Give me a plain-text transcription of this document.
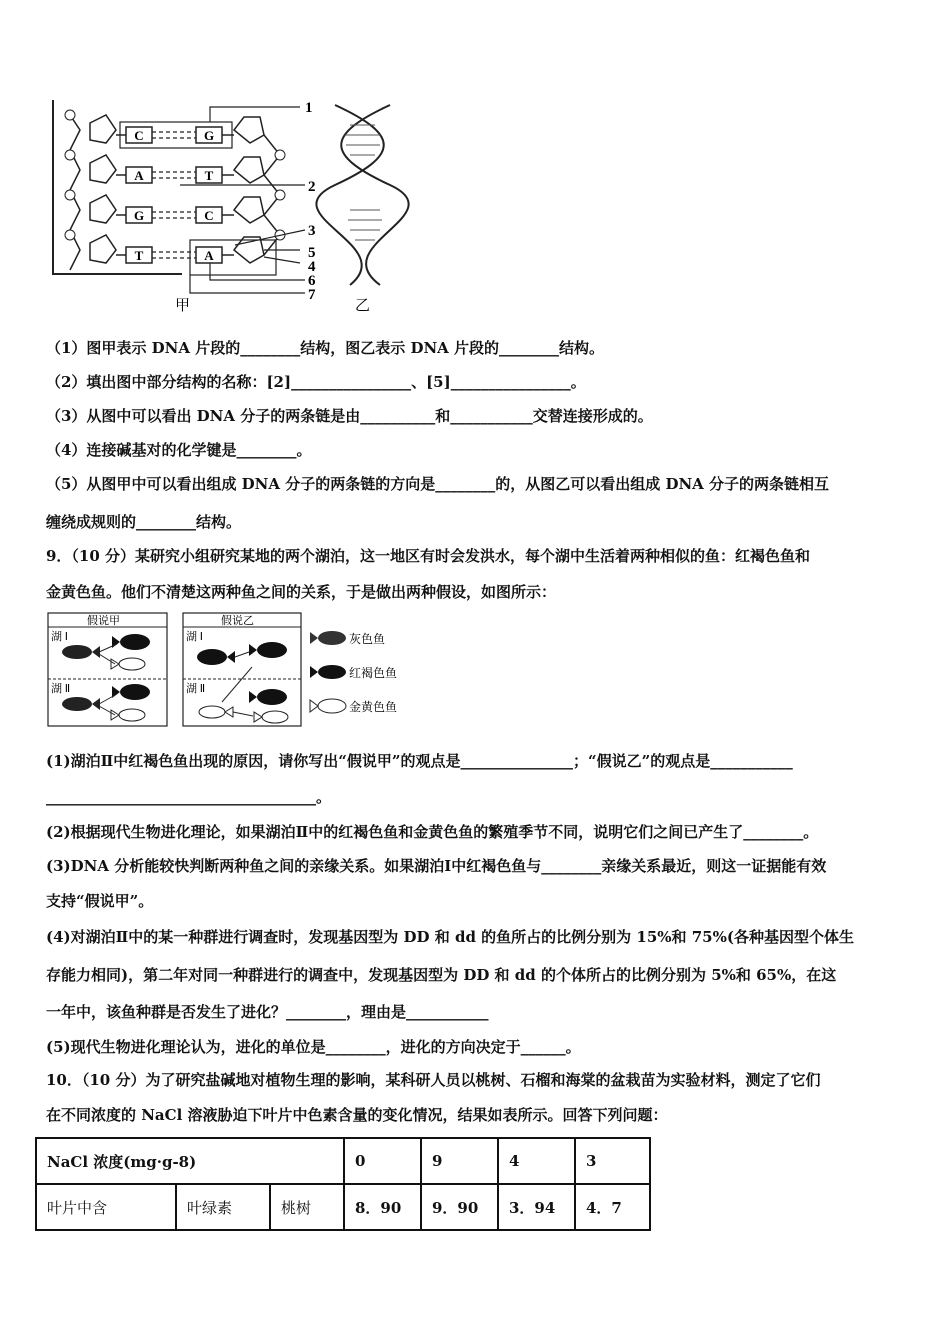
C
A
G
T
G
T
C
A
1
2
3
5
4
6
7
甲	乙
（1）图甲表示 DNA 片段的________结构，图乙表示 DNA 片段的________结构。
（2）填出图中部分结构的名称：[2]________________、[5]________________。
（3）从图中可以看出 DNA 分子的两条链是由__________和___________交替连接形成的。
（4）连接碱基对的化学键是________。
（5）从图甲中可以看出组成 DNA 分子的两条链的方向是________的，从图乙可以看出组成 DNA 分子的两条链相互
缠绕成规则的________结构。
9．（10 分）某研究小组研究某地的两个湖泊，这一地区有时会发洪水，每个湖中生活着两种相似的鱼：红褐色鱼和
金黄色鱼。他们不清楚这两种鱼之间的关系，于是做出两种假设，如图所示：
假说甲
湖 Ⅰ
湖 Ⅱ
假说乙
湖 Ⅰ
湖 Ⅱ
灰色鱼
红褐色鱼
金黄色鱼
(1)湖泊Ⅱ中红褐色鱼出现的原因，请你写出“假说甲”的观点是_______________；“假说乙”的观点是___________
____________________________________。
(2)根据现代生物进化理论，如果湖泊Ⅱ中的红褐色鱼和金黄色鱼的繁殖季节不同，说明它们之间已产生了________。
(3)DNA 分析能较快判断两种鱼之间的亲缘关系。如果湖泊Ⅰ中红褐色鱼与________亲缘关系最近，则这一证据能有效
支持“假说甲”。
(4)对湖泊Ⅱ中的某一种群进行调查时，发现基因型为 DD 和 dd 的鱼所占的比例分别为 15%和 75%(各种基因型个体生
存能力相同)，第二年对同一种群进行的调查中，发现基因型为 DD 和 dd 的个体所占的比例分别为 5%和 65%，在这
一年中，该鱼种群是否发生了进化？________，理由是___________
(5)现代生物进化理论认为，进化的单位是________，进化的方向决定于______。
10．（10 分）为了研究盐碱地对植物生理的影响，某科研人员以桃树、石榴和海棠的盆栽苗为实验材料，测定了它们
在不同浓度的 NaCl 溶液胁迫下叶片中色素含量的变化情况，结果如表所示。回答下列问题：
NaCl 浓度(mg·g-8)			0	9	4	3
叶片中含	叶绿素	桃树	8．90	9．90	3．94	4．7
